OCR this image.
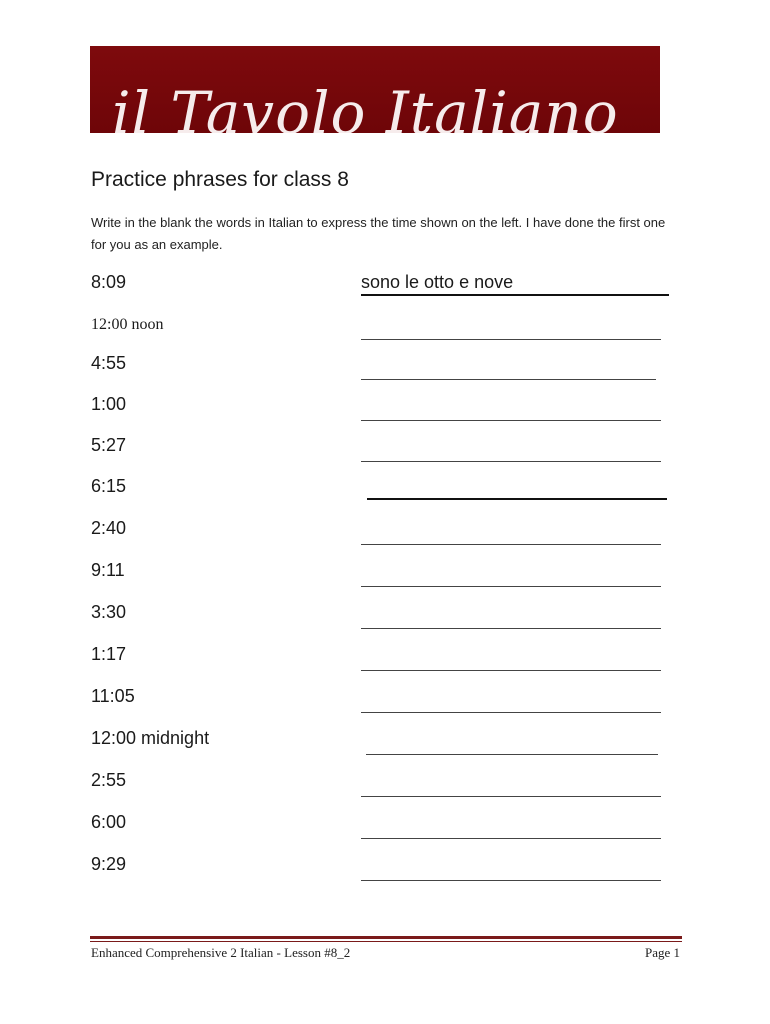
il Tavolo Italiano
Practice phrases for class 8
Write in the blank the words in Italian to express the time shown on the left. I have done the first one for you as an example.
8:09	sono le otto e nove
12:00 noon
4:55
1:00
5:27
6:15
2:40
9:11
3:30
1:17
11:05
12:00 midnight
2:55
6:00
9:29
Enhanced Comprehensive 2 Italian - Lesson #8_2	Page 1
